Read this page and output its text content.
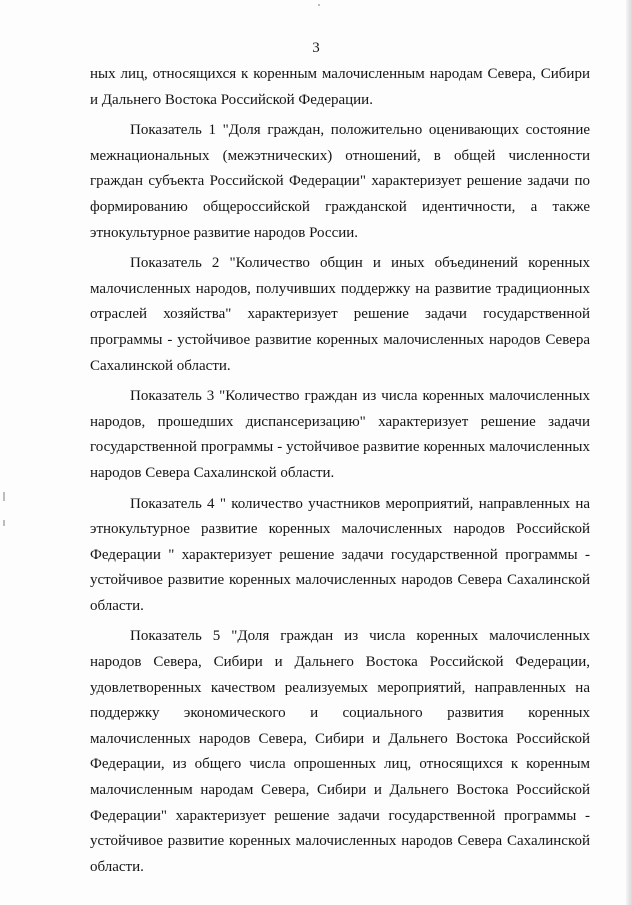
3

ных лиц, относящихся к коренным малочисленным народам Севера, Сибири и Дальнего Востока Российской Федерации.

Показатель 1 "Доля граждан, положительно оценивающих состояние межнациональных (межэтнических) отношений, в общей численности граждан субъекта Российской Федерации" характеризует решение задачи по формированию общероссийской гражданской идентичности, а также этнокультурное развитие народов России.

Показатель 2 "Количество общин и иных объединений коренных малочисленных народов, получивших поддержку на развитие традиционных отраслей хозяйства" характеризует решение задачи государственной программы - устойчивое развитие коренных малочисленных народов Севера Сахалинской области.

Показатель 3 "Количество граждан из числа коренных малочисленных народов, прошедших диспансеризацию" характеризует решение задачи государственной программы - устойчивое развитие коренных малочисленных народов Севера Сахалинской области.

Показатель 4 " количество участников мероприятий, направленных на этнокультурное развитие коренных малочисленных народов Российской Федерации " характеризует решение задачи государственной программы - устойчивое развитие коренных малочисленных народов Севера Сахалинской области.

Показатель 5 "Доля граждан из числа коренных малочисленных народов Севера, Сибири и Дальнего Востока Российской Федерации, удовлетворенных качеством реализуемых мероприятий, направленных на поддержку экономического и социального развития коренных малочисленных народов Севера, Сибири и Дальнего Востока Российской Федерации, из общего числа опрошенных лиц, относящихся к коренным малочисленным народам Севера, Сибири и Дальнего Востока Российской Федерации" характеризует решение задачи государственной программы - устойчивое развитие коренных малочисленных народов Севера Сахалинской области.
